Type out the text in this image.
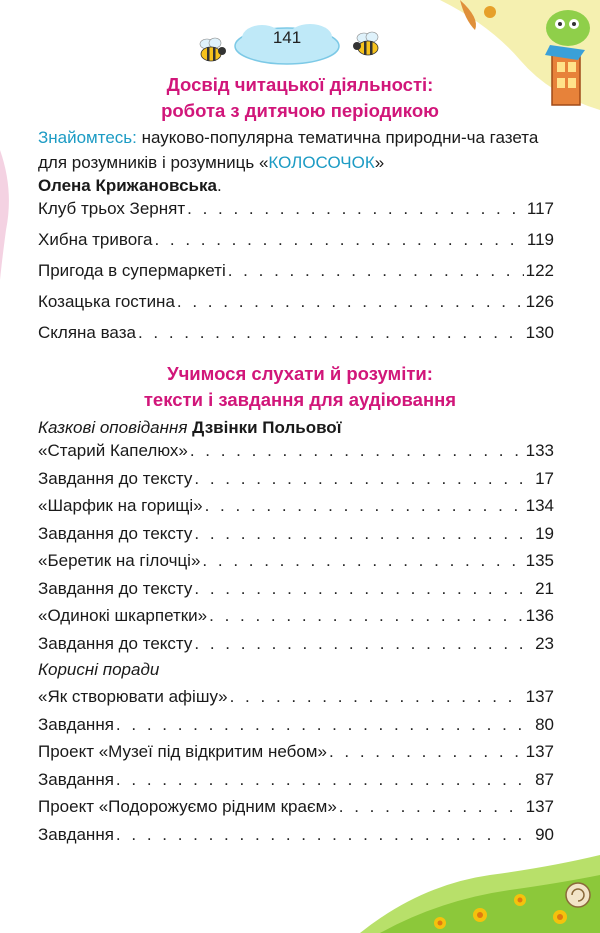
141
Досвід читацької діяльності:
робота з дитячою періодикою
Знайомтесь: науково-популярна тематична природни-ча газета для розумників і розумниць «КОЛОСОЧОК»
Олена Крижановська.
Клуб трьох Зернят . . .	117
Хибна тривога . . .	119
Пригода в супермаркеті . . .	122
Козацька гостина . . .	126
Скляна ваза . . .	130
Учимося слухати й розуміти:
тексти і завдання для аудіювання
Казкові оповідання Дзвінки Польової
«Старий Капелюх» . . .	133
Завдання до тексту . . .	17
«Шарфик на горищі» . . .	134
Завдання до тексту . . .	19
«Беретик на гілочці» . . .	135
Завдання до тексту . . .	21
«Одинокі шкарпетки» . . .	136
Завдання до тексту . . .	23
Корисні поради
«Як створювати афішу» . . .	137
Завдання . . .	80
Проект «Музеї під відкритим небом» . . .	137
Завдання . . .	87
Проект «Подорожуємо рідним краєм» . . .	137
Завдання . . .	90
